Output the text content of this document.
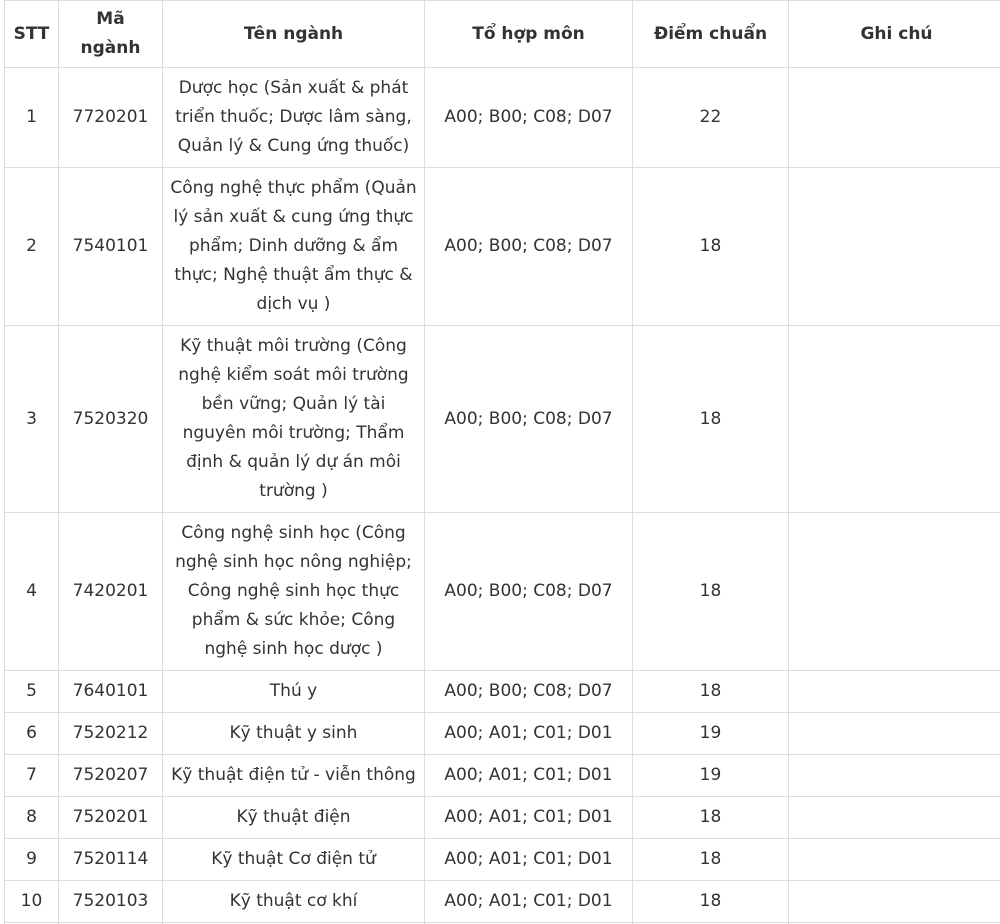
STT	Mã ngành	Tên ngành	Tổ hợp môn	Điểm chuẩn	Ghi chú
1	7720201	Dược học (Sản xuất & phát triển thuốc; Dược lâm sàng, Quản lý & Cung ứng thuốc)	A00; B00; C08; D07	22	
2	7540101	Công nghệ thực phẩm (Quản lý sản xuất & cung ứng thực phẩm; Dinh dưỡng & ẩm thực; Nghệ thuật ẩm thực & dịch vụ )	A00; B00; C08; D07	18	
3	7520320	Kỹ thuật môi trường (Công nghệ kiểm soát môi trường bền vững; Quản lý tài nguyên môi trường; Thẩm định & quản lý dự án môi trường )	A00; B00; C08; D07	18	
4	7420201	Công nghệ sinh học (Công nghệ sinh học nông nghiệp; Công nghệ sinh học thực phẩm & sức khỏe; Công nghệ sinh học dược )	A00; B00; C08; D07	18	
5	7640101	Thú y	A00; B00; C08; D07	18	
6	7520212	Kỹ thuật y sinh	A00; A01; C01; D01	19	
7	7520207	Kỹ thuật điện tử - viễn thông	A00; A01; C01; D01	19	
8	7520201	Kỹ thuật điện	A00; A01; C01; D01	18	
9	7520114	Kỹ thuật Cơ điện tử	A00; A01; C01; D01	18	
10	7520103	Kỹ thuật cơ khí	A00; A01; C01; D01	18	
